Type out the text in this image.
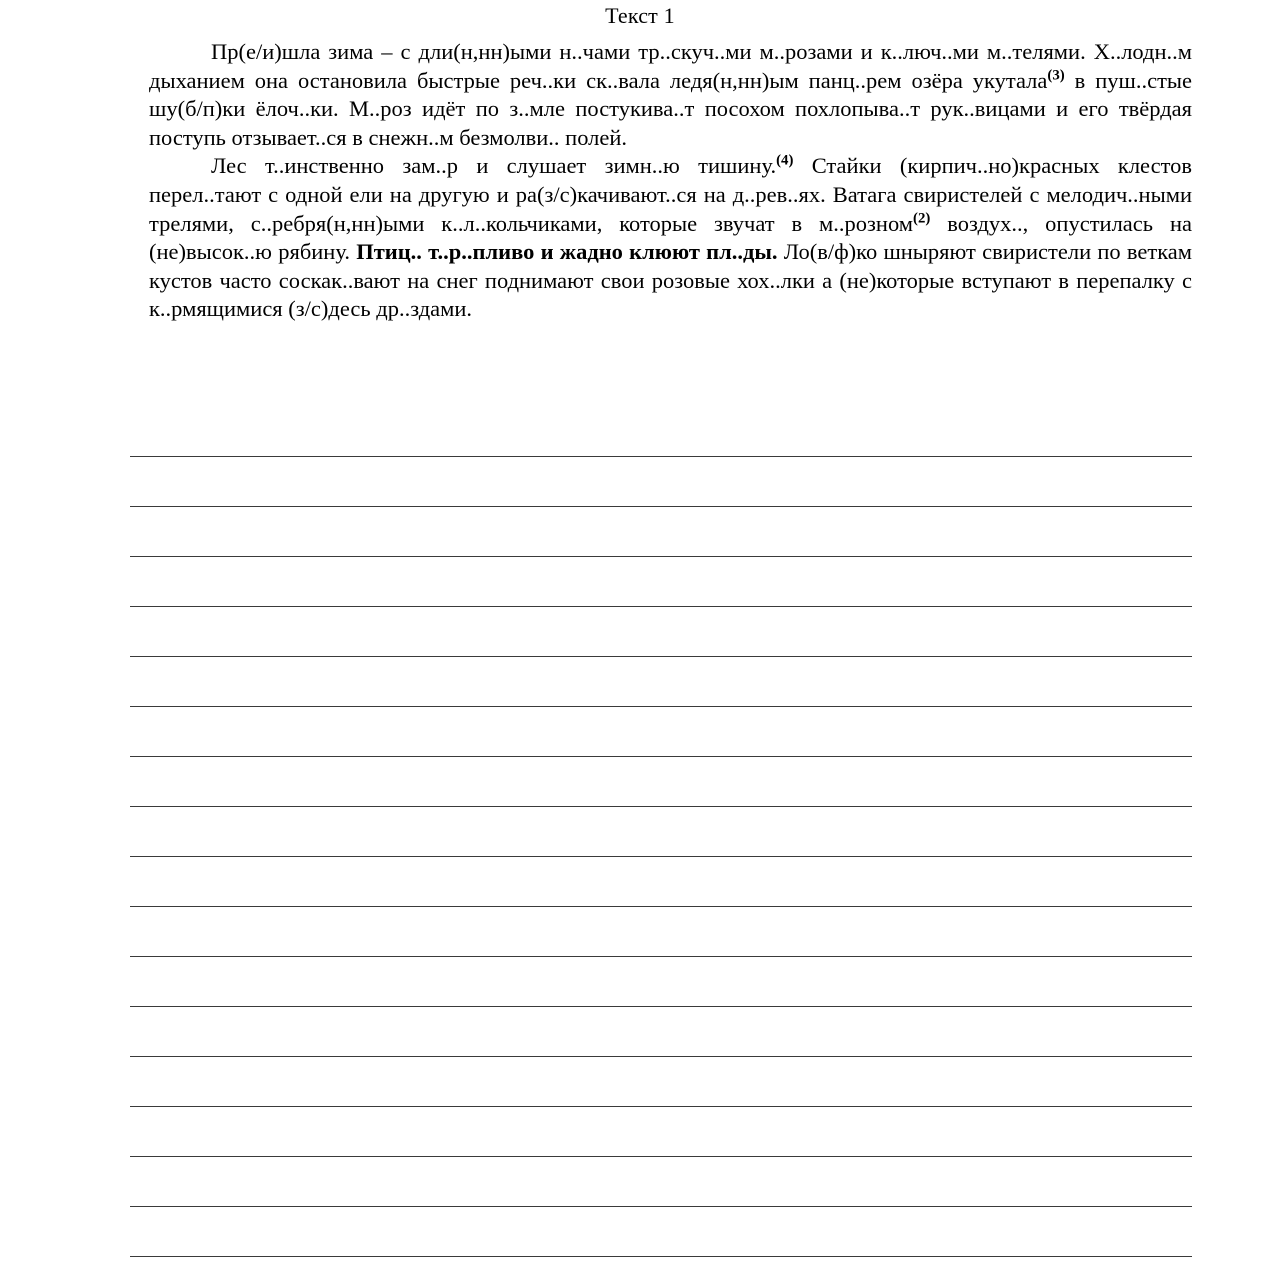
Текст 1

Пр(е/и)шла зима – с дли(н,нн)ыми н..чами тр..скуч..ми м..розами и к..люч..ми м..телями. Х..лодн..м дыханием она остановила быстрые реч..ки ск..вала ледя(н,нн)ым панц..рем озёра укутала$^{(3)}$ в пуш..стые шу(б/п)ки ёлоч..ки. М..роз идёт по з..мле постукива..т посохом похлопыва..т рук..вицами и его твёрдая поступь отзывает..ся в снежн..м безмолви.. полей.

Лес т..инственно зам..р и слушает зимн..ю тишину.$^{(4)}$ Стайки (кирпич..но)красных клестов перел..тают с одной ели на другую и ра(з/с)качивают..ся на д..рев..ях. Ватага свиристелей с мелодич..ными трелями, с..ребря(н,нн)ыми к..л..кольчиками, которые звучат в м..розном$^{(2)}$ воздух.., опустилась на (не)высок..ю рябину. Птиц.. т..р..пливо и жадно клюют пл..ды. Ло(в/ф)ко шныряют свиристели по веткам кустов часто соскак..вают на снег поднимают свои розовые хох..лки а (не)которые вступают в перепалку с к..рмящимися (з/с)десь др..здами.
